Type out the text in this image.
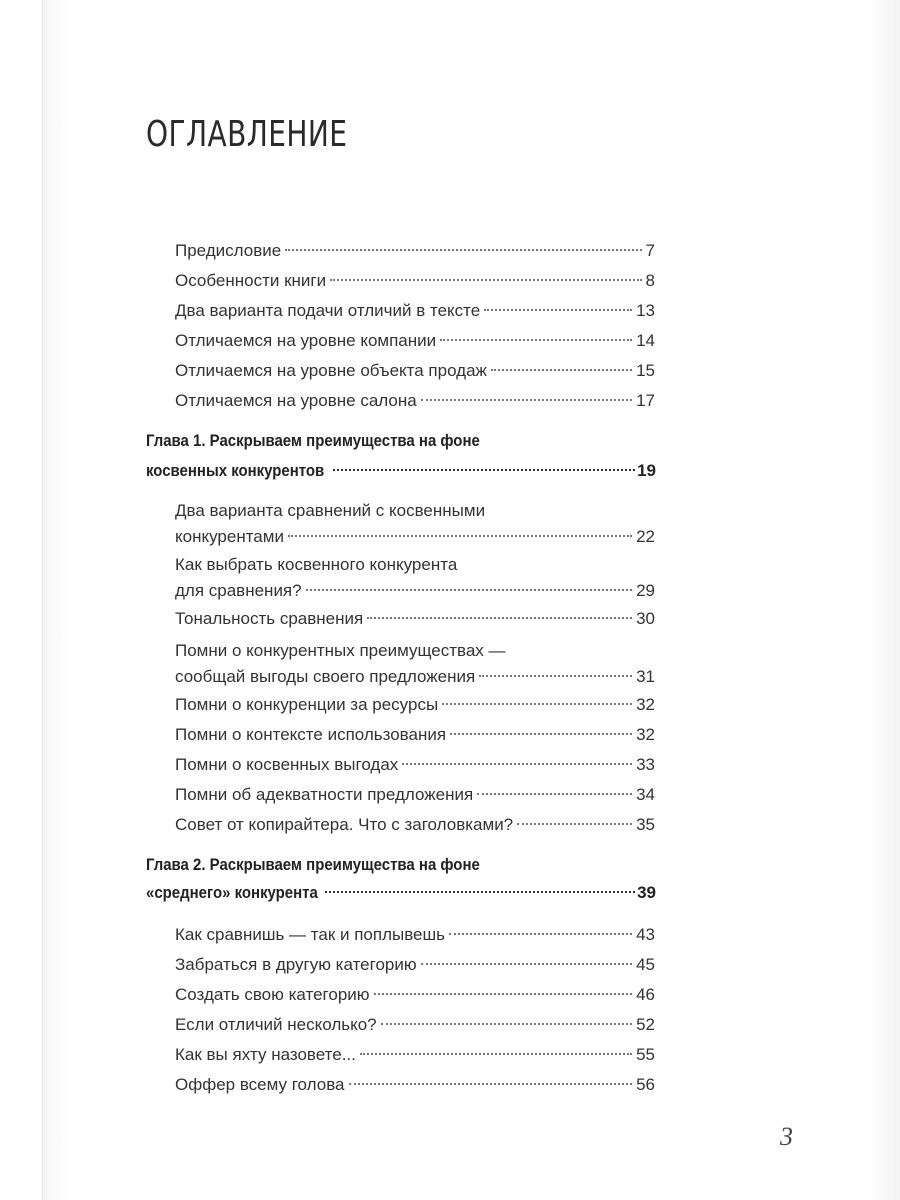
ОГЛАВЛЕНИЕ
Предисловие	7
Особенности книги	8
Два варианта подачи отличий в тексте	13
Отличаемся на уровне компании	14
Отличаемся на уровне объекта продаж	15
Отличаемся на уровне салона	17
Глава 1. Раскрываем преимущества на фоне
косвенных конкурентов	19
Два варианта сравнений с косвенными
конкурентами	22
Как выбрать косвенного конкурента
для сравнения?	29
Тональность сравнения	30
Помни о конкурентных преимуществах —
сообщай выгоды своего предложения	31
Помни о конкуренции за ресурсы	32
Помни о контексте использования	32
Помни о косвенных выгодах	33
Помни об адекватности предложения	34
Совет от копирайтера. Что с заголовками?	35
Глава 2. Раскрываем преимущества на фоне
«среднего» конкурента	39
Как сравнишь — так и поплывешь	43
Забраться в другую категорию	45
Создать свою категорию	46
Если отличий несколько?	52
Как вы яхту назовете...	55
Оффер всему голова	56
3
